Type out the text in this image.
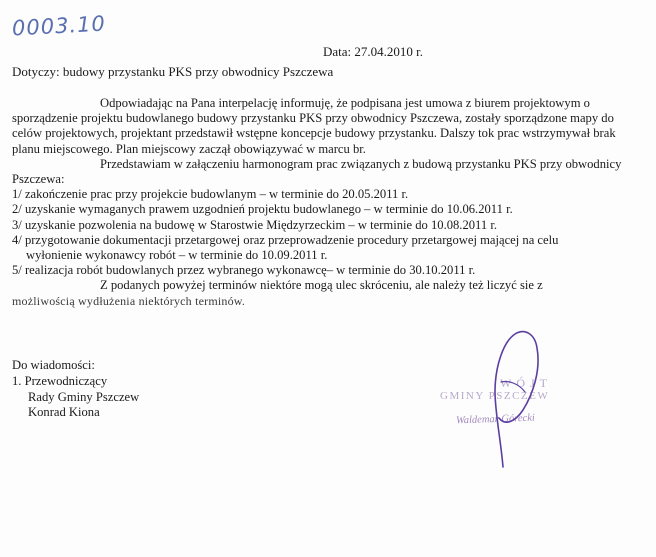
0003.10
Data: 27.04.2010 r.
Dotyczy: budowy przystanku PKS przy obwodnicy Pszczewa

Odpowiadając na Pana interpelację informuję, że podpisana jest umowa z biurem projektowym o sporządzenie projektu budowlanego budowy przystanku PKS przy obwodnicy Pszczewa, zostały sporządzone mapy do celów projektowych, projektant przedstawił wstępne koncepcje budowy przystanku. Dalszy tok prac wstrzymywał brak planu miejscowego. Plan miejscowy zaczął obowiązywać w marcu br.

Przedstawiam w załączeniu harmonogram prac związanych z budową przystanku PKS przy obwodnicy Pszczewa:

1/ zakończenie prac przy projekcie budowlanym – w terminie do 20.05.2011 r.

2/ uzyskanie wymaganych prawem uzgodnień projektu budowlanego – w terminie do 10.06.2011 r.

3/ uzyskanie pozwolenia na budowę w Starostwie Międzyrzeckim – w terminie do 10.08.2011 r.

4/ przygotowanie dokumentacji przetargowej oraz przeprowadzenie procedury przetargowej mającej na celu

wyłonienie wykonawcy robót – w terminie do 10.09.2011 r.

5/ realizacja robót budowlanych przez wybranego wykonawcę– w terminie do 30.10.2011 r.

Z podanych powyżej terminów niektóre mogą ulec skróceniu, ale należy też liczyć sie z

możliwością wydłużenia niektórych terminów.

Do wiadomości:
1. Przewodniczący
Rady Gminy Pszczew
Konrad Kiona
WÓJT
GMINY PSZCZEW
Waldemar Górecki
